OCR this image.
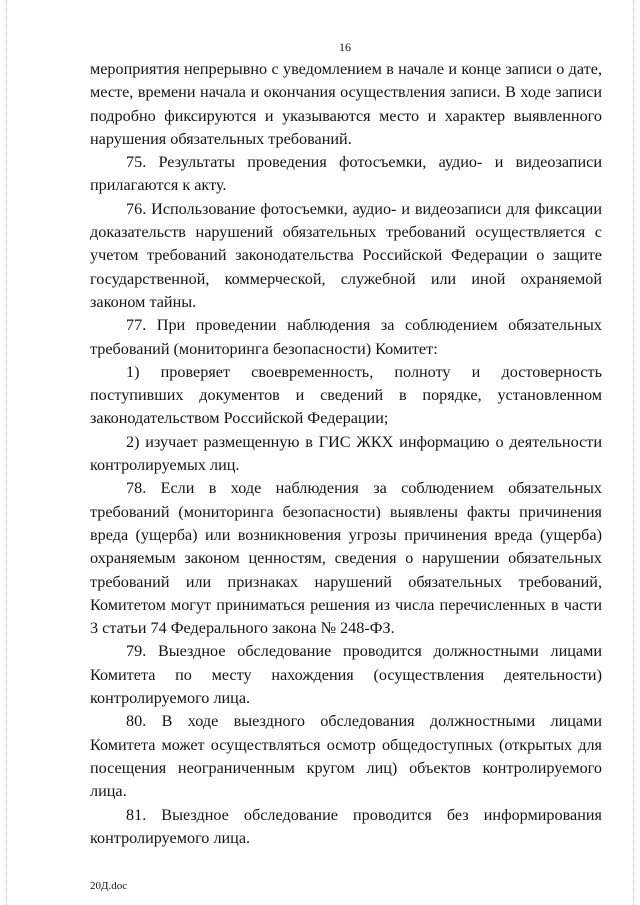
16

мероприятия непрерывно с уведомлением в начале и конце записи о дате, месте, времени начала и окончания осуществления записи. В ходе записи подробно фиксируются и указываются место и характер выявленного нарушения обязательных требований.

75. Результаты проведения фотосъемки, аудио- и видеозаписи прилагаются к акту.

76. Использование фотосъемки, аудио- и видеозаписи для фиксации доказательств нарушений обязательных требований осуществляется с учетом требований законодательства Российской Федерации о защите государственной, коммерческой, служебной или иной охраняемой законом тайны.

77. При проведении наблюдения за соблюдением обязательных требований (мониторинга безопасности) Комитет:

1) проверяет своевременность, полноту и достоверность поступивших документов и сведений в порядке, установленном законодательством Российской Федерации;

2) изучает размещенную в ГИС ЖКХ информацию о деятельности контролируемых лиц.

78. Если в ходе наблюдения за соблюдением обязательных требований (мониторинга безопасности) выявлены факты причинения вреда (ущерба) или возникновения угрозы причинения вреда (ущерба) охраняемым законом ценностям, сведения о нарушении обязательных требований или признаках нарушений обязательных требований, Комитетом могут приниматься решения из числа перечисленных в части 3 статьи 74 Федерального закона № 248-ФЗ.

79. Выездное обследование проводится должностными лицами Комитета по месту нахождения (осуществления деятельности) контролируемого лица.

80. В ходе выездного обследования должностными лицами Комитета может осуществляться осмотр общедоступных (открытых для посещения неограниченным кругом лиц) объектов контролируемого лица.

81. Выездное обследование проводится без информирования контролируемого лица.

20Д.doc
